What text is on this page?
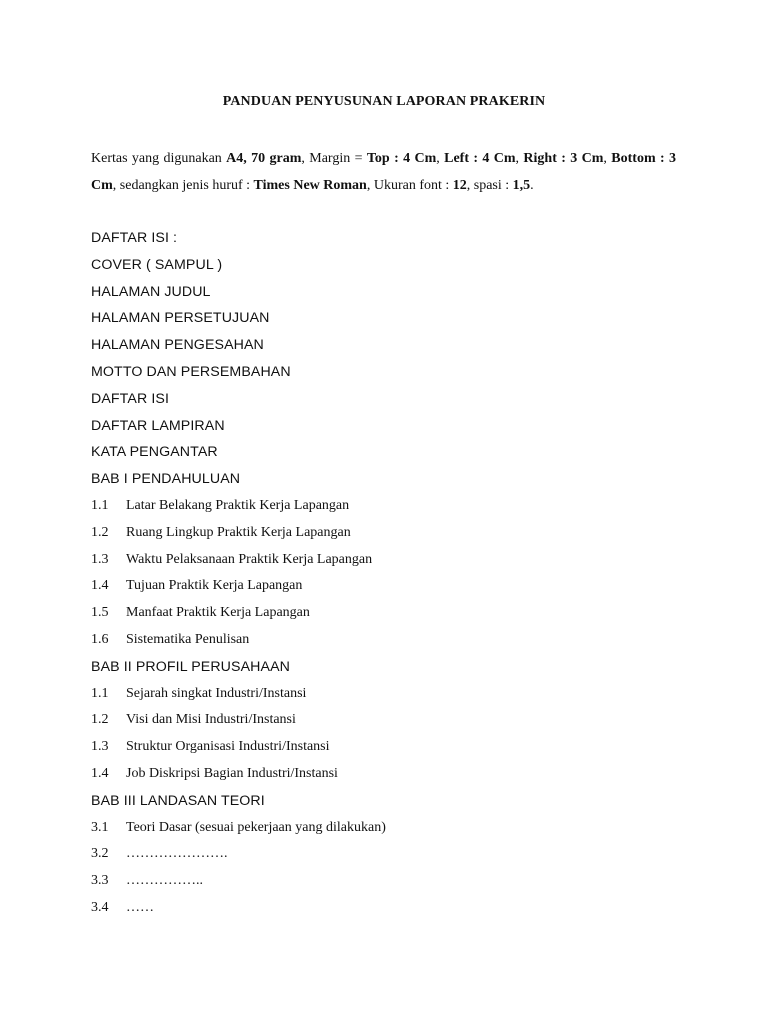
PANDUAN PENYUSUNAN LAPORAN PRAKERIN
Kertas yang digunakan A4, 70 gram, Margin = Top : 4 Cm, Left : 4 Cm, Right : 3 Cm, Bottom : 3 Cm, sedangkan jenis huruf : Times New Roman, Ukuran font : 12, spasi : 1,5.
DAFTAR ISI :
COVER ( SAMPUL )
HALAMAN JUDUL
HALAMAN PERSETUJUAN
HALAMAN PENGESAHAN
MOTTO DAN PERSEMBAHAN
DAFTAR ISI
DAFTAR LAMPIRAN
KATA PENGANTAR
BAB I PENDAHULUAN
1.1 Latar Belakang Praktik Kerja Lapangan
1.2 Ruang Lingkup Praktik Kerja Lapangan
1.3 Waktu Pelaksanaan Praktik Kerja Lapangan
1.4 Tujuan Praktik Kerja Lapangan
1.5 Manfaat Praktik Kerja Lapangan
1.6 Sistematika Penulisan
BAB II PROFIL PERUSAHAAN
1.1 Sejarah singkat Industri/Instansi
1.2 Visi dan Misi Industri/Instansi
1.3 Struktur Organisasi Industri/Instansi
1.4 Job Diskripsi Bagian Industri/Instansi
BAB III LANDASAN TEORI
3.1 Teori Dasar (sesuai pekerjaan yang dilakukan)
3.2 ………………….
3.3 ……………..
3.4 ……
